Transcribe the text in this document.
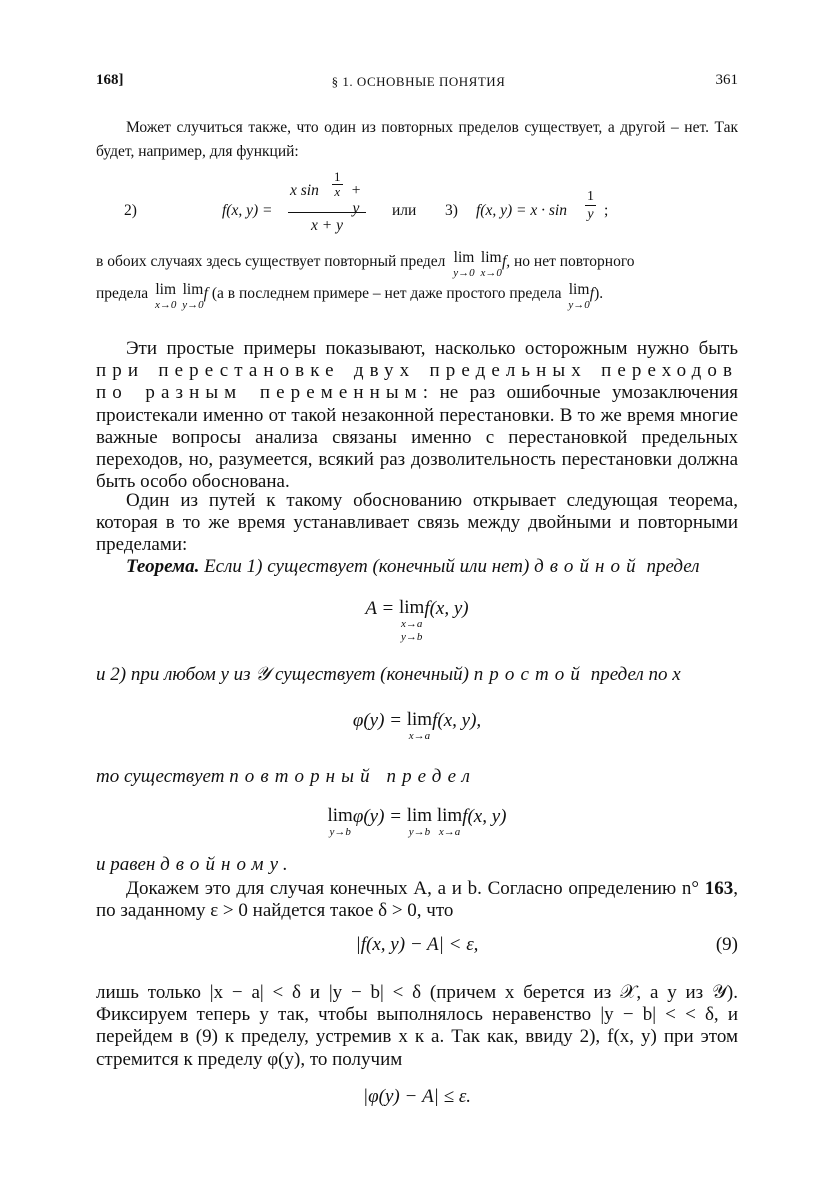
168]	§ 1. ОСНОВНЫЕ ПОНЯТИЯ	361
Может случиться также, что один из повторных пределов существует, а другой – нет. Так будет, например, для функций:
2)	f(x, y) =
x $\sin \frac{1}{x} + y$
x + y
или 3) f(x, $y) = x \cdot \sin \frac{1}{y}$ ;
в обоих случаях здесь существует повторный предел lim
y→0

lim
x→0
f, но нет повторного
предела lim
x→0

lim
y→0
f (а в последнем примере – нет даже простого предела lim
y→0
f).
Эти простые примеры показывают, насколько осторожным нужно быть при перестановке двух предельных переходов по разным переменным: не раз ошибочные умозаключения проистекали именно от такой незаконной перестановки. В то же время многие важные вопросы анализа связаны именно с перестановкой предельных переходов, но, разумеется, всякий раз дозволительность перестановки должна быть особо обоснована.
Один из путей к такому обоснованию открывает следующая теорема, которая в то же время устанавливает связь между двойными и повторными пределами:
Теорема. Если 1) существует (конечный или нет) двойной предел
A = lim
x→a
y→b
f(x, y)
и 2) при любом y из 𝒴 существует (конечный) простой предел по x
φ(y) = lim
x→a
f(x, y),
то существует повторный предел
lim
y→b
φ(y) = lim
y→b

lim
x→a
f(x, y)
и равен двойному.
Докажем это для случая конечных A, a и b. Согласно определению n° 163, по заданному ε > 0 найдется такое δ > 0, что
|f(x, y) − A| < ε,	(9)
лишь только |x − a| < δ и |y − b| < δ (причем x берется из 𝒳, а y из 𝒴). Фиксируем теперь y так, чтобы выполнялось неравенство |y − b| < < δ, и перейдем в (9) к пределу, устремив x к a. Так как, ввиду 2), f(x, y) при этом стремится к пределу φ(y), то получим
|φ(y) − A| ≤ ε.
